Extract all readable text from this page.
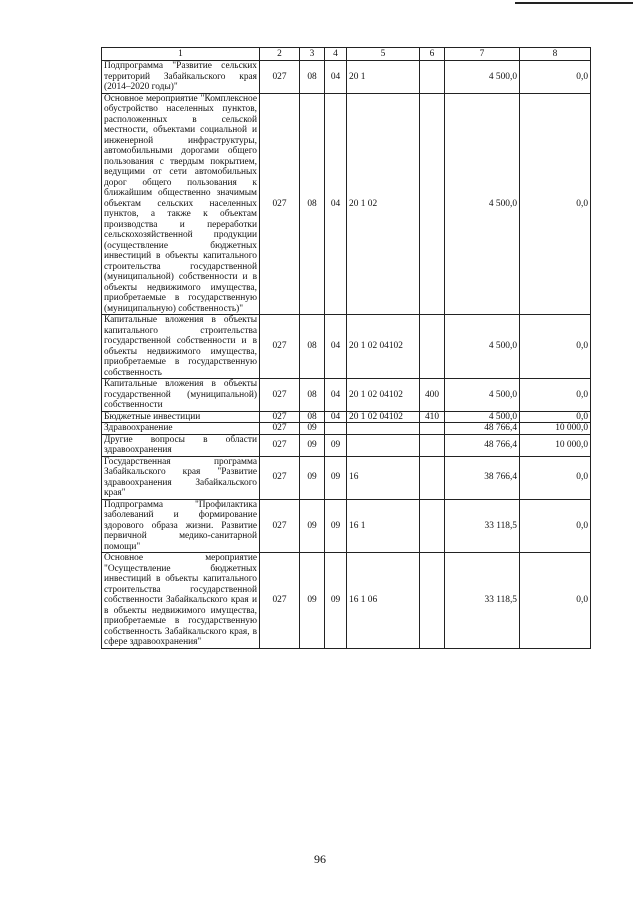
1	2	3	4	5	6	7	8
Подпрограмма "Развитие сельских территорий Забайкальского края (2014–2020 годы)"	027	08	04	20 1		4 500,0	0,0
Основное мероприятие "Комплексное обустройство населенных пунктов, расположенных в сельской местности, объектами социальной и инженерной инфраструктуры, автомобильными дорогами общего пользования с твердым покрытием, ведущими от сети автомобильных дорог общего пользования к ближайшим общественно значимым объектам сельских населенных пунктов, а также к объектам производства и переработки сельскохозяйственной продукции (осуществление бюджетных инвестиций в объекты капитального строительства государственной (муниципальной) собственности и в объекты недвижимого имущества, приобретаемые в государственную (муниципальную) собственность)"	027	08	04	20 1 02		4 500,0	0,0
Капитальные вложения в объекты капитального строительства государственной собственности и в объекты недвижимого имущества, приобретаемые в государственную собственность	027	08	04	20 1 02 04102		4 500,0	0,0
Капитальные вложения в объекты государственной (муниципальной) собственности	027	08	04	20 1 02 04102	400	4 500,0	0,0
Бюджетные инвестиции	027	08	04	20 1 02 04102	410	4 500,0	0,0
Здравоохранение	027	09				48 766,4	10 000,0
Другие вопросы в области здравоохранения	027	09	09			48 766,4	10 000,0
Государственная программа Забайкальского края "Развитие здравоохранения Забайкальского края"	027	09	09	16		38 766,4	0,0
Подпрограмма "Профилактика заболеваний и формирование здорового образа жизни. Развитие первичной медико-санитарной помощи"	027	09	09	16 1		33 118,5	0,0
Основное мероприятие "Осуществление бюджетных инвестиций в объекты капитального строительства государственной собственности Забайкальского края и в объекты недвижимого имущества, приобретаемые в государственную собственность Забайкальского края, в сфере здравоохранения"	027	09	09	16 1 06		33 118,5	0,0
96
